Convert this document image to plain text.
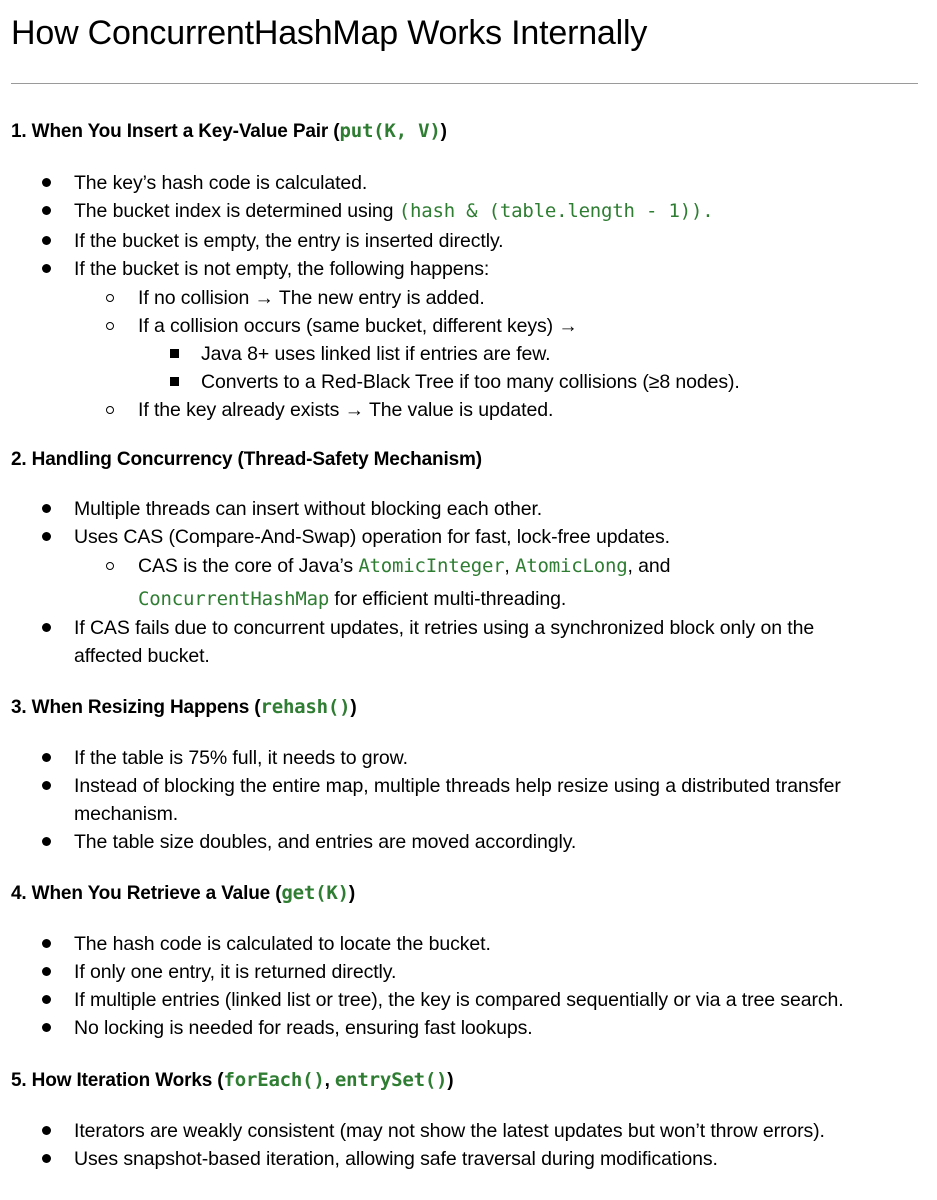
How ConcurrentHashMap Works Internally
1. When You Insert a Key-Value Pair (put(K, V))
The key’s hash code is calculated.
The bucket index is determined using (hash & (table.length - 1)).
If the bucket is empty, the entry is inserted directly.
If the bucket is not empty, the following happens:
If no collision → The new entry is added.
If a collision occurs (same bucket, different keys) →
Java 8+ uses linked list if entries are few.
Converts to a Red-Black Tree if too many collisions (≥8 nodes).
If the key already exists → The value is updated.
2. Handling Concurrency (Thread-Safety Mechanism)
Multiple threads can insert without blocking each other.
Uses CAS (Compare-And-Swap) operation for fast, lock-free updates.
CAS is the core of Java’s AtomicInteger, AtomicLong, and
ConcurrentHashMap for efficient multi-threading.
If CAS fails due to concurrent updates, it retries using a synchronized block only on the
affected bucket.
3. When Resizing Happens (rehash())
If the table is 75% full, it needs to grow.
Instead of blocking the entire map, multiple threads help resize using a distributed transfer
mechanism.
The table size doubles, and entries are moved accordingly.
4. When You Retrieve a Value (get(K))
The hash code is calculated to locate the bucket.
If only one entry, it is returned directly.
If multiple entries (linked list or tree), the key is compared sequentially or via a tree search.
No locking is needed for reads, ensuring fast lookups.
5. How Iteration Works (forEach(), entrySet())
Iterators are weakly consistent (may not show the latest updates but won’t throw errors).
Uses snapshot-based iteration, allowing safe traversal during modifications.
